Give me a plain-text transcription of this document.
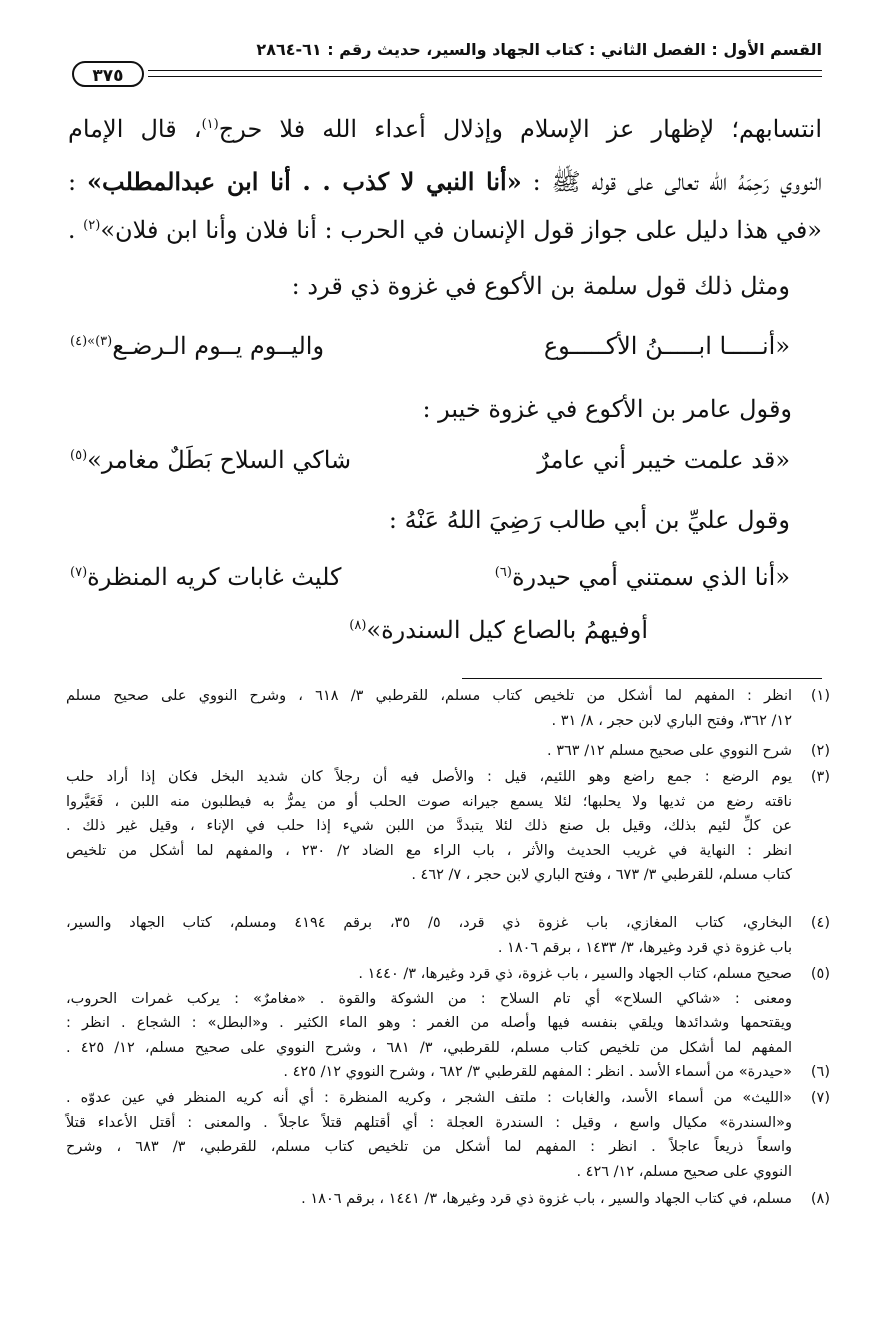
القسم الأول : الفصل الثاني : كتاب الجهاد والسير، حديث رقم : ٦١-٢٨٦٤
٣٧٥
انتسابهم؛ لإظهار عز الإسلام وإذلال أعداء الله فلا حرج$^{(١)}$، قال الإمام
النووي رَحِمَهُ الله تعالى على قوله ﷺ : «أنا النبي لا كذب . . أنا ابن عبدالمطلب» :
«في هذا دليل على جواز قول الإنسان في الحرب : أنا فلان وأنا ابن فلان»$^{(٢)}$ .
ومثل ذلك قول سلمة بن الأكوع في غزوة ذي قرد :
«أنـــــا ابـــــنُ الأكـــــوع
واليــوم يــوم الـرضـع$^{(٣)»(٤)}$
وقول عامر بن الأكوع في غزوة خيبر :
«قد علمت خيبر أني عامرٌ
شاكي السلاح بَطَلٌ مغامر»$^{(٥)}$
وقول عليِّ بن أبي طالب رَضِيَ اللهُ عَنْهُ :
«أنا الذي سمتني أمي حيدرة$^{(٦)}$
كليث غابات كريه المنظرة$^{(٧)}$
أوفيهمُ بالصاع كيل السندرة»$^{(٨)}$
(١)
انظر : المفهم لما أشكل من تلخيص كتاب مسلم، للقرطبي ٣/ ٦١٨ ، وشرح النووي على صحيح مسلم
١٢/ ٣٦٢، وفتح الباري لابن حجر ، ٨/ ٣١ .
(٢)
شرح النووي على صحيح مسلم ١٢/ ٣٦٣ .
(٣)
يوم الرضع : جمع راضع وهو اللئيم، قيل : والأصل فيه أن رجلاً كان شديد البخل فكان إذا أراد حلب
ناقته رضع من ثديها ولا يحلبها؛ لئلا يسمع جيرانه صوت الحلب أو من يمرُّ به فيطلبون منه اللبن ، فَعَيَّروا
عن كلِّ لئيم بذلك، وقيل بل صنع ذلك لئلا يتبددَّ من اللبن شيء إذا حلب في الإناء ، وقيل غير ذلك .
انظر : النهاية في غريب الحديث والأثر ، باب الراء مع الضاد ٢/ ٢٣٠ ، والمفهم لما أشكل من تلخيص
كتاب مسلم، للقرطبي ٣/ ٦٧٣ ، وفتح الباري لابن حجر ، ٧/ ٤٦٢ .
(٤)
البخاري، كتاب المغازي، باب غزوة ذي قرد، ٥/ ٣٥، برقم ٤١٩٤ ومسلم، كتاب الجهاد والسير،
باب غزوة ذي قرد وغيرها، ٣/ ١٤٣٣ ، برقم ١٨٠٦ .
(٥)
صحيح مسلم، كتاب الجهاد والسير ، باب غزوة، ذي قرد وغيرها، ٣/ ١٤٤٠ .
ومعنى : «شاكي السلاح» أي تام السلاح : من الشوكة والقوة . «مغامرٌ» : يركب غمرات الحروب،
ويقتحمها وشدائدها ويلقي بنفسه فيها وأصله من الغمر : وهو الماء الكثير . و«البطل» : الشجاع . انظر :
المفهم لما أشكل من تلخيص كتاب مسلم، للقرطبي، ٣/ ٦٨١ ، وشرح النووي على صحيح مسلم، ١٢/ ٤٢٥ .
(٦)
«حيدرة» من أسماء الأسد . انظر : المفهم للقرطبي ٣/ ٦٨٢ ، وشرح النووي ١٢/ ٤٢٥ .
(٧)
«الليث» من أسماء الأسد، والغابات : ملتف الشجر ، وكريه المنظرة : أي أنه كريه المنظر في عين عدوّه .
و«السندرة» مكيال واسع ، وقيل : السندرة العجلة : أي أقتلهم قتلاً عاجلاً . والمعنى : أقتل الأعداء قتلاً
واسعاً ذريعاً عاجلاً . انظر : المفهم لما أشكل من تلخيص كتاب مسلم، للقرطبي، ٣/ ٦٨٣ ، وشرح
النووي على صحيح مسلم، ١٢/ ٤٢٦ .
(٨)
مسلم، في كتاب الجهاد والسير ، باب غزوة ذي قرد وغيرها، ٣/ ١٤٤١ ، برقم ١٨٠٦ .
